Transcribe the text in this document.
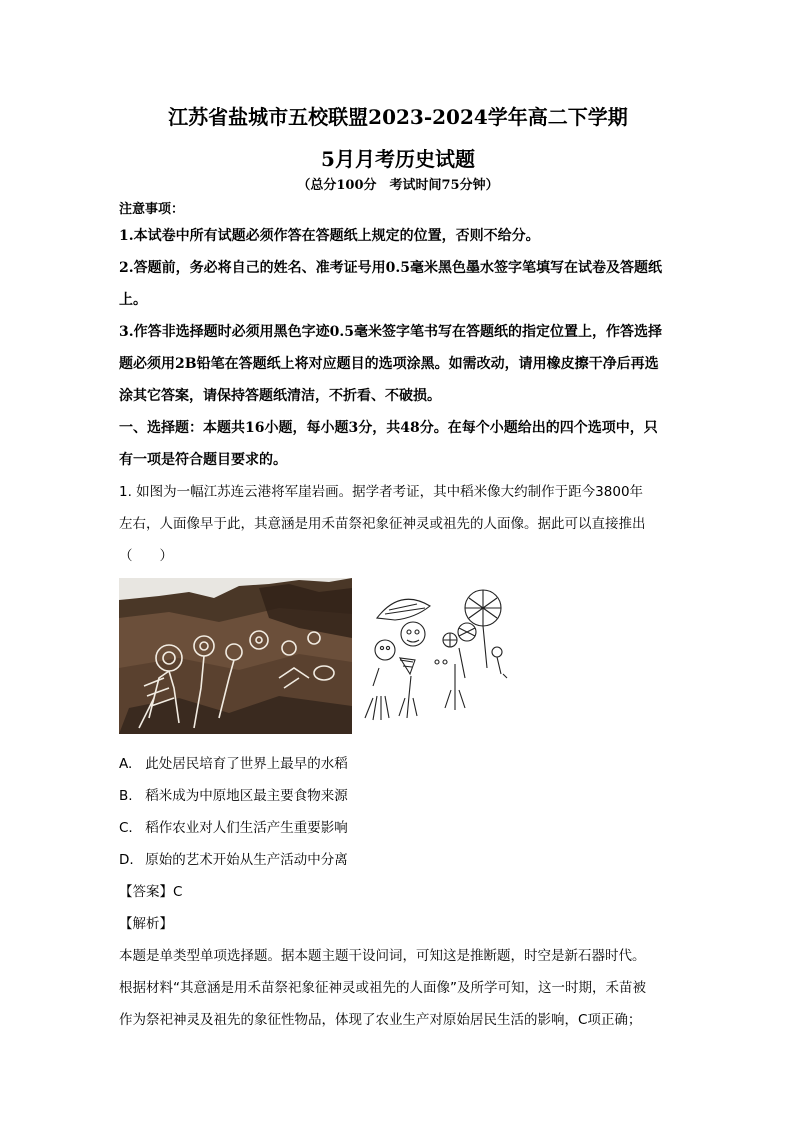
江苏省盐城市五校联盟2023-2024学年高二下学期
5月月考历史试题
（总分100分　考试时间75分钟）
注意事项：

1.本试卷中所有试题必须作答在答题纸上规定的位置，否则不给分。

2.答题前，务必将自己的姓名、准考证号用0.5毫米黑色墨水签字笔填写在试卷及答题纸

上。

3.作答非选择题时必须用黑色字迹0.5毫米签字笔书写在答题纸的指定位置上，作答选择

题必须用2B铅笔在答题纸上将对应题目的选项涂黑。如需改动，请用橡皮擦干净后再选

涂其它答案，请保持答题纸清洁，不折看、不破损。

一、选择题：本题共16小题，每小题3分，共48分。在每个小题给出的四个选项中，只

有一项是符合题目要求的。

1. 如图为一幅江苏连云港将军崖岩画。据学者考证，其中稻米像大约制作于距今3800年

左右，人面像早于此，其意涵是用禾苗祭祀象征神灵或祖先的人面像。据此可以直接推出

（　　）

A. 此处居民培育了世界上最早的水稻

B. 稻米成为中原地区最主要食物来源

C. 稻作农业对人们生活产生重要影响

D. 原始的艺术开始从生产活动中分离

【答案】C

【解析】

本题是单类型单项选择题。据本题主题干设问词，可知这是推断题，时空是新石器时代。

根据材料“其意涵是用禾苗祭祀象征神灵或祖先的人面像”及所学可知，这一时期，禾苗被

作为祭祀神灵及祖先的象征性物品，体现了农业生产对原始居民生活的影响，C项正确；
